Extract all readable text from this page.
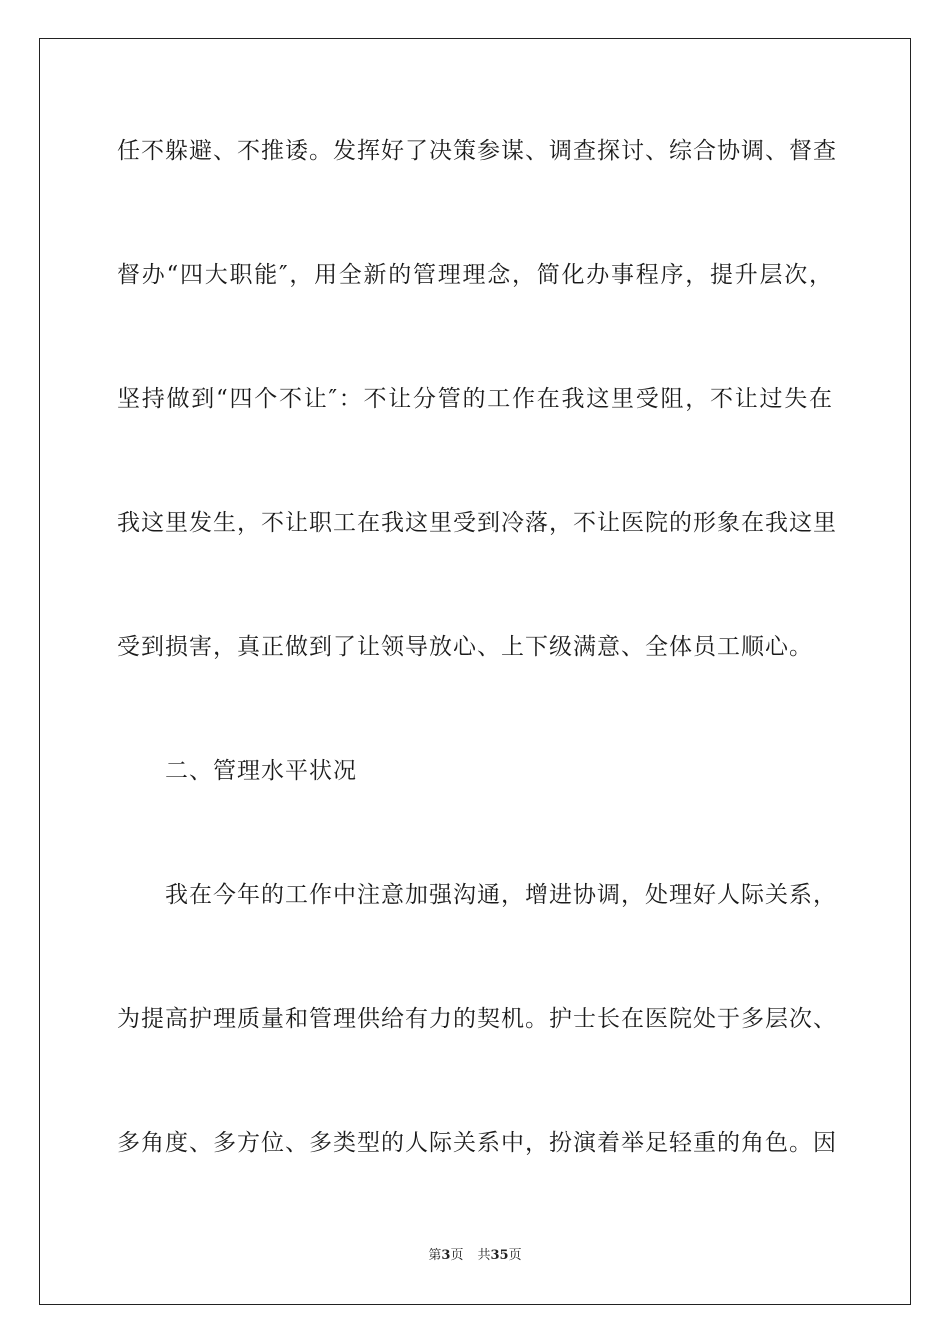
任不躲避、不推诿。发挥好了决策参谋、调查探讨、综合协调、督查
督办“四大职能″，用全新的管理理念，简化办事程序，提升层次，
坚持做到“四个不让″：不让分管的工作在我这里受阻，不让过失在
我这里发生，不让职工在我这里受到冷落，不让医院的形象在我这里
受到损害，真正做到了让领导放心、上下级满意、全体员工顺心。
二、管理水平状况
我在今年的工作中注意加强沟通，增进协调，处理好人际关系，
为提高护理质量和管理供给有力的契机。护士长在医院处于多层次、
多角度、多方位、多类型的人际关系中，扮演着举足轻重的角色。因
第3页 共35页
